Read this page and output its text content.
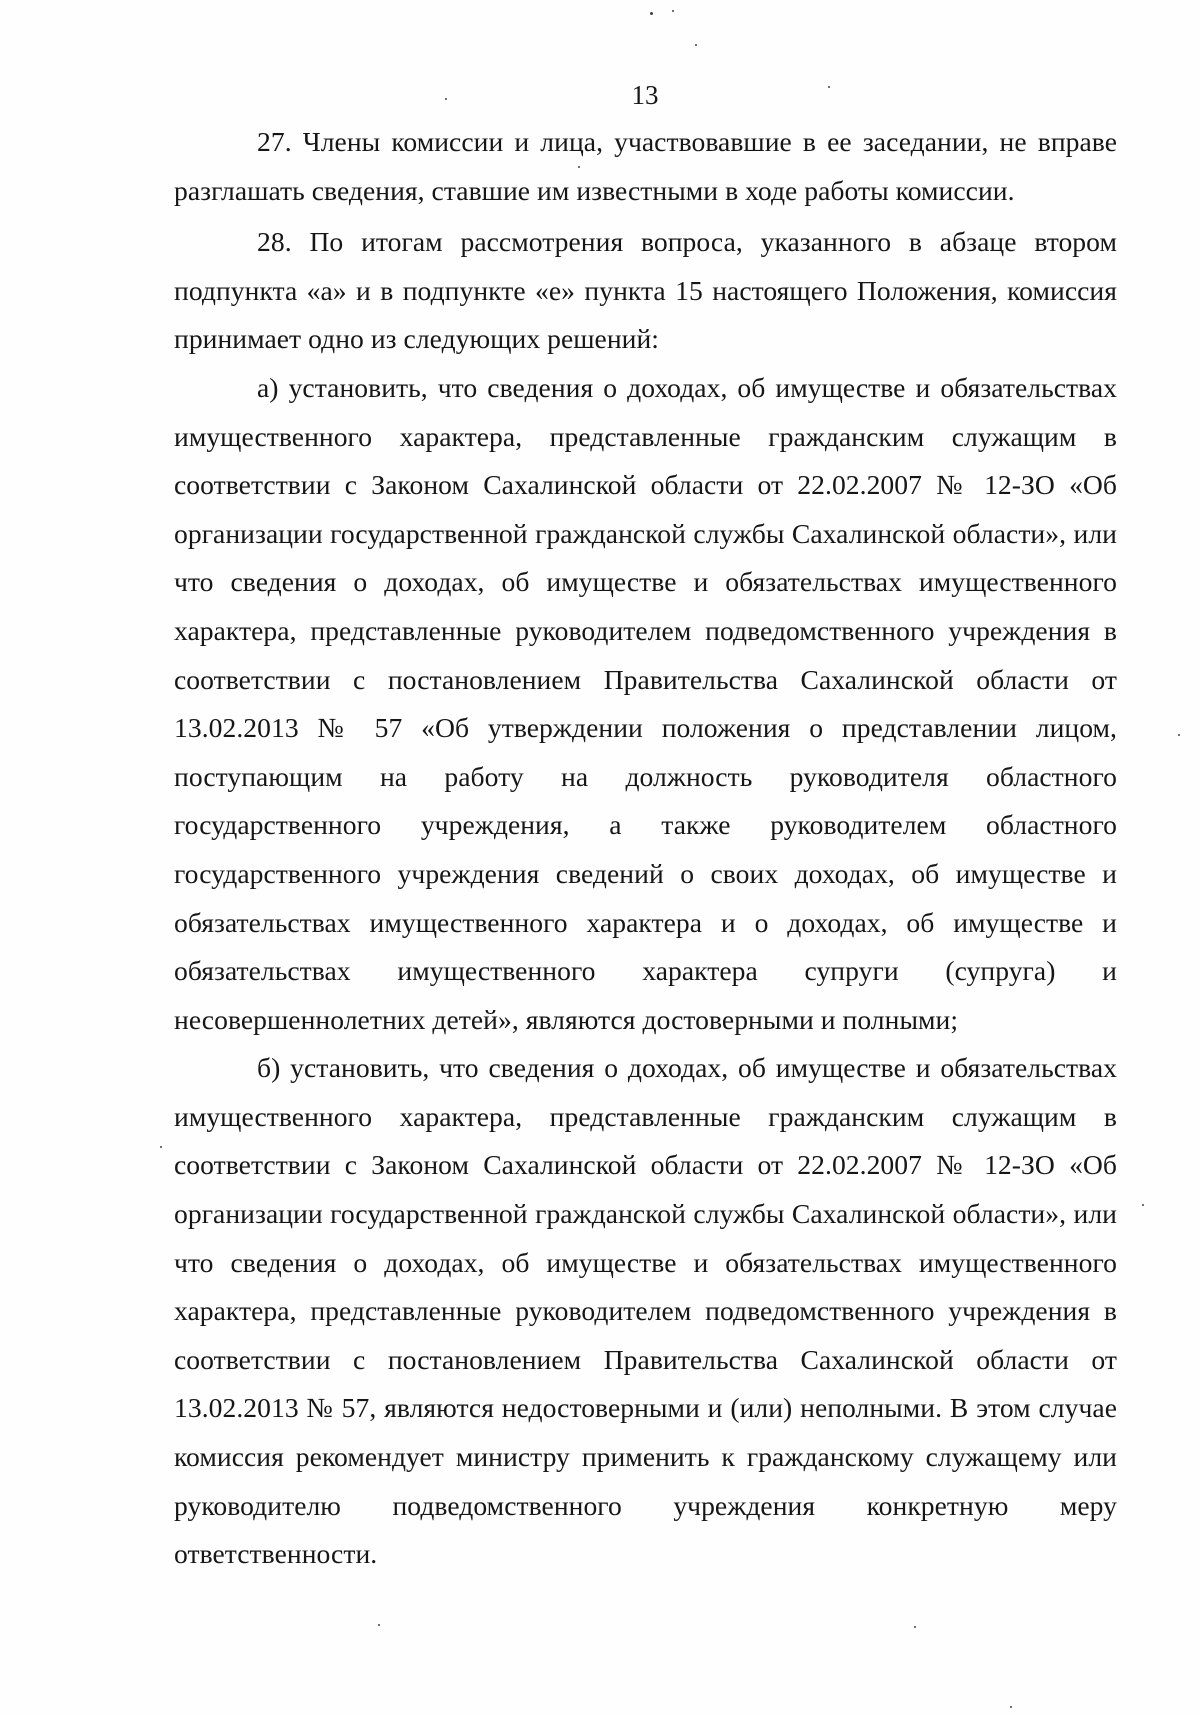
13

27. Члены комиссии и лица, участвовавшие в ее заседании, не вправе разглашать сведения, ставшие им известными в ходе работы комиссии.

28. По итогам рассмотрения вопроса, указанного в абзаце втором подпункта «а» и в подпункте «е» пункта 15 настоящего Положения, комиссия принимает одно из следующих решений:

а) установить, что сведения о доходах, об имуществе и обязательствах имущественного характера, представленные гражданским служащим в соответствии с Законом Сахалинской области от 22.02.2007 № 12-ЗО «Об организации государственной гражданской службы Сахалинской области», или что сведения о доходах, об имуществе и обязательствах имущественного характера, представленные руководителем подведомственного учреждения в соответствии с постановлением Правительства Сахалинской области от 13.02.2013 № 57 «Об утверждении положения о представлении лицом, поступающим на работу на должность руководителя областного государственного учреждения, а также руководителем областного государственного учреждения сведений о своих доходах, об имуществе и обязательствах имущественного характера и о доходах, об имуществе и обязательствах имущественного характера супруги (супруга) и несовершеннолетних детей», являются достоверными и полными;

б) установить, что сведения о доходах, об имуществе и обязательствах имущественного характера, представленные гражданским служащим в соответствии с Законом Сахалинской области от 22.02.2007 № 12-ЗО «Об организации государственной гражданской службы Сахалинской области», или что сведения о доходах, об имуществе и обязательствах имущественного характера, представленные руководителем подведомственного учреждения в соответствии с постановлением Правительства Сахалинской области от 13.02.2013 № 57, являются недостоверными и (или) неполными. В этом случае комиссия рекомендует министру применить к гражданскому служащему или руководителю подведомственного учреждения конкретную меру ответственности.
